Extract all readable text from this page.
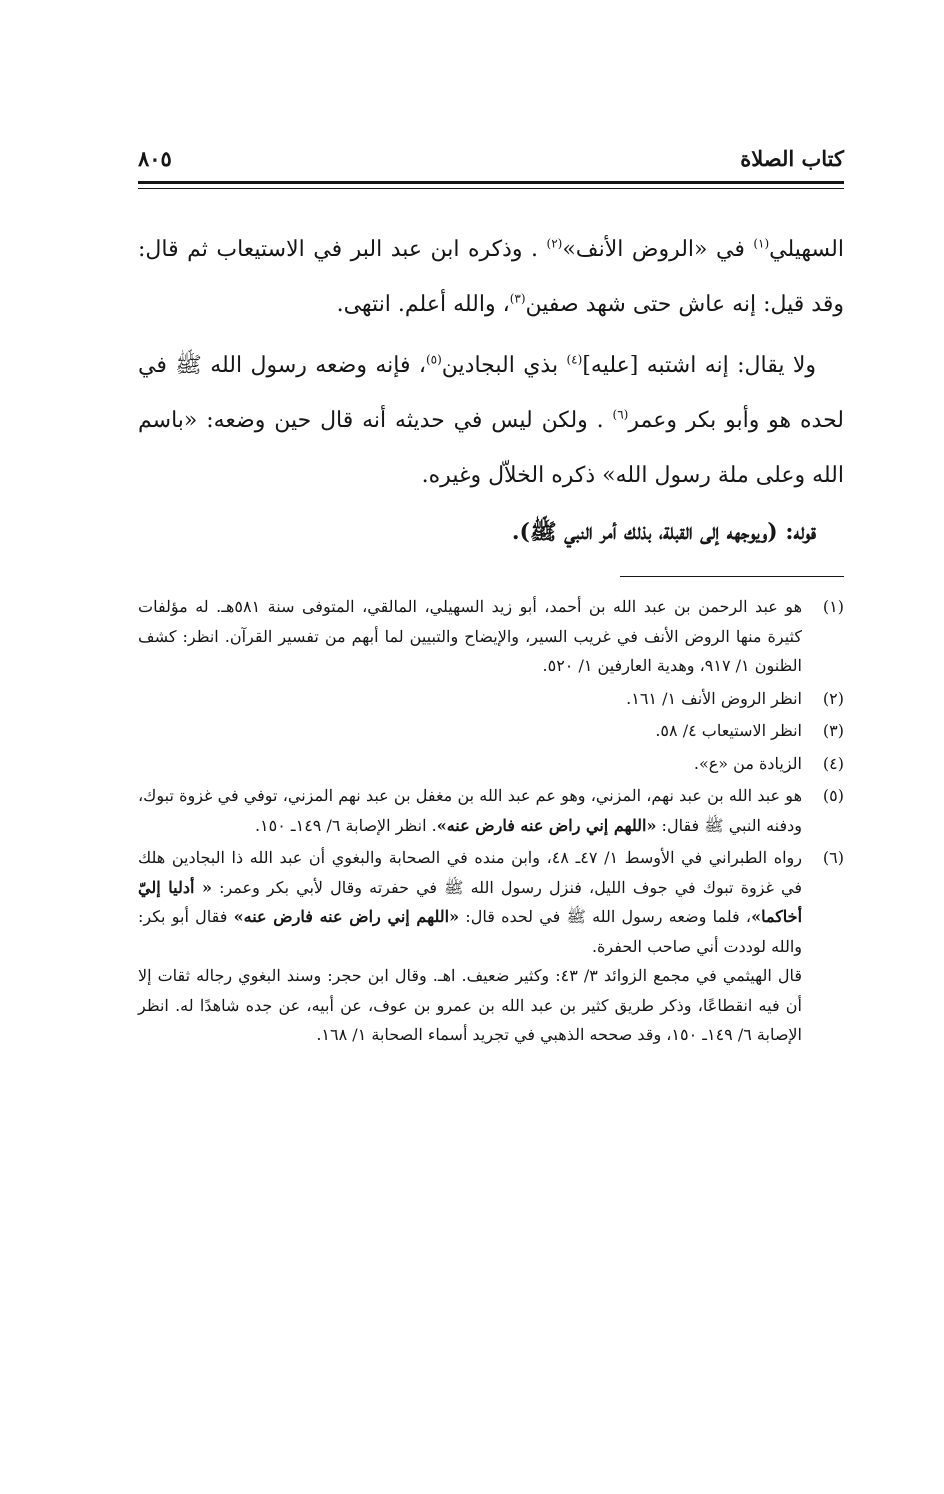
كتاب الصلاة
٨٠٥

السهيلي$^{(١)}$ في «الروض الأنف»$^{(٢)}$ . وذكره ابن عبد البر في الاستيعاب ثم قال: وقد قيل: إنه عاش حتى شهد صفين$^{(٣)}$، والله أعلم. انتهى.

ولا يقال: إنه اشتبه [عليه]$^{(٤)}$ بذي البجادين$^{(٥)}$، فإنه وضعه رسول الله ﷺ في لحده هو وأبو بكر وعمر$^{(٦)}$ . ولكن ليس في حديثه أنه قال حين وضعه: «باسم الله وعلى ملة رسول الله» ذكره الخلاّل وغيره.

قوله: (ويوجهه إلى القبلة، بذلك أمر النبي ﷺ).

(١)

هو عبد الرحمن بن عبد الله بن أحمد، أبو زيد السهيلي، المالقي، المتوفى سنة ٥٨١هـ. له مؤلفات كثيرة منها الروض الأنف في غريب السير، والإيضاح والتبيين لما أبهم من تفسير القرآن. انظر: كشف الظنون ١/ ٩١٧، وهدية العارفين ١/ ٥٢٠.

(٢)

انظر الروض الأنف ١/ ١٦١.

(٣)

انظر الاستيعاب ٤/ ٥٨.

(٤)

الزيادة من «ع».

(٥)

هو عبد الله بن عبد نهم، المزني، وهو عم عبد الله بن مغفل بن عبد نهم المزني، توفي في غزوة تبوك، ودفنه النبي ﷺ فقال: «اللهم إني راض عنه فارض عنه». انظر الإصابة ٦/ ١٤٩ـ ١٥٠.

(٦)

رواه الطبراني في الأوسط ١/ ٤٧ـ ٤٨، وابن منده في الصحابة والبغوي أن عبد الله ذا البجادين هلك في غزوة تبوك في جوف الليل، فنزل رسول الله ﷺ في حفرته وقال لأبي بكر وعمر: « أدليا إليّ أخاكما»، فلما وضعه رسول الله ﷺ في لحده قال: «اللهم إني راض عنه فارض عنه» فقال أبو بكر: والله لوددت أني صاحب الحفرة.

قال الهيثمي في مجمع الزوائد ٣/ ٤٣: وكثير ضعيف. اهـ. وقال ابن حجر: وسند البغوي رجاله ثقات إلا أن فيه انقطاعًا، وذكر طريق كثير بن عبد الله بن عمرو بن عوف، عن أبيه، عن جده شاهدًا له. انظر الإصابة ٦/ ١٤٩ـ ١٥٠، وقد صححه الذهبي في تجريد أسماء الصحابة ١/ ١٦٨.
